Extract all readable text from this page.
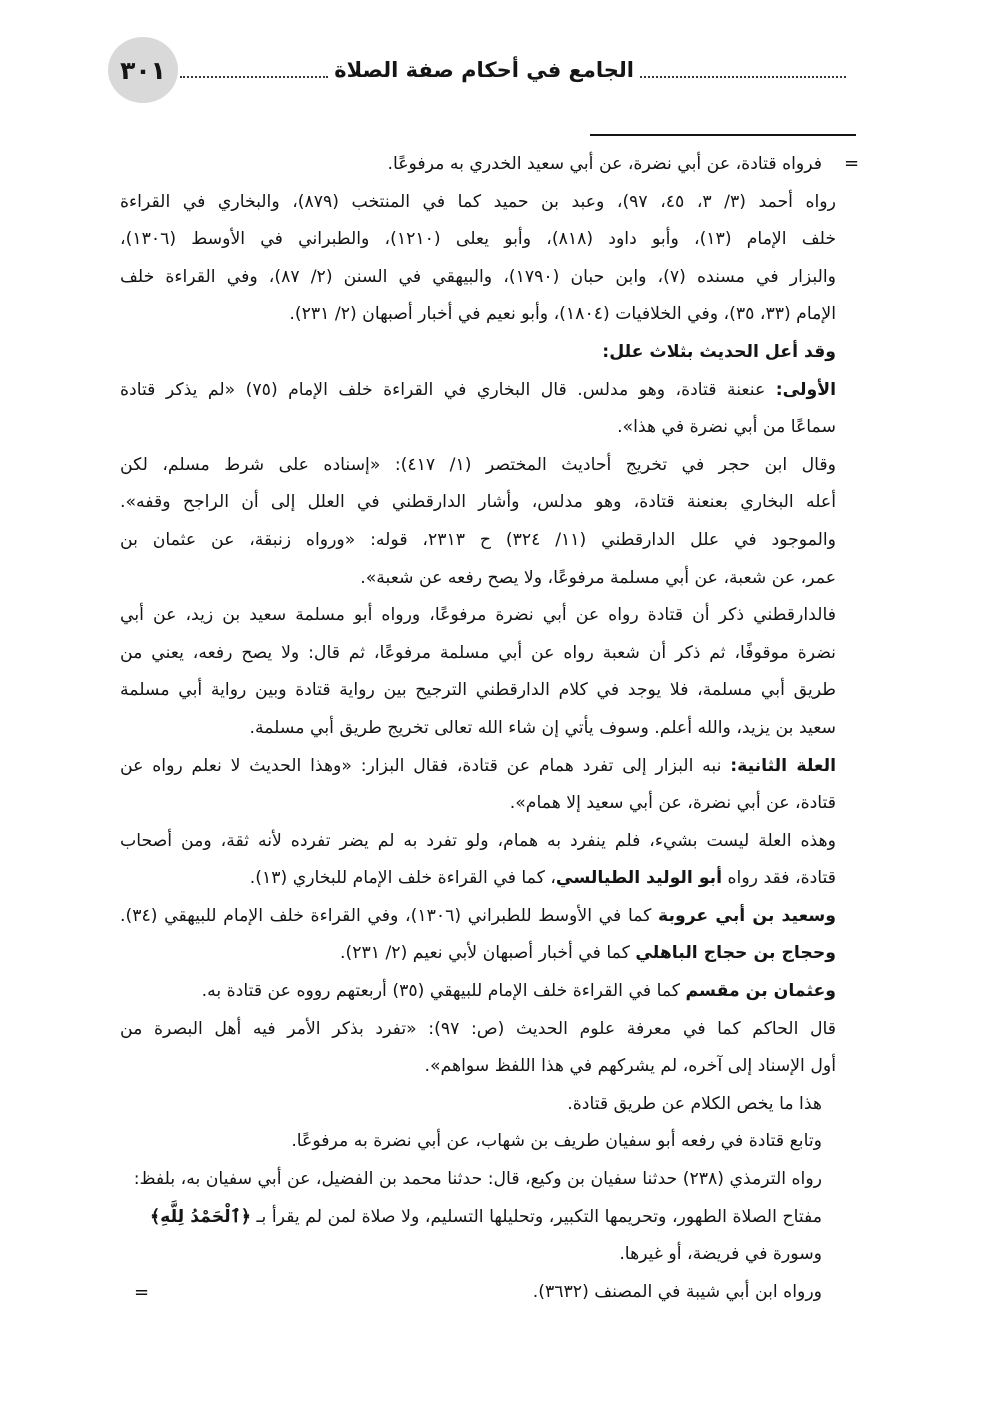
٣٠١	الجامع في أحكام صفة الصلاة
=
=
فرواه قتادة، عن أبي نضرة، عن أبي سعيد الخدري به مرفوعًا.
رواه أحمد (٣/ ٣، ٤٥، ٩٧)، وعبد بن حميد كما في المنتخب (٨٧٩)، والبخاري في القراءة
خلف الإمام (١٣)، وأبو داود (٨١٨)، وأبو يعلى (١٢١٠)، والطبراني في الأوسط (١٣٠٦)،
والبزار في مسنده (٧)، وابن حبان (١٧٩٠)، والبيهقي في السنن (٢/ ٨٧)، وفي القراءة خلف
الإمام (٣٣، ٣٥)، وفي الخلافيات (١٨٠٤)، وأبو نعيم في أخبار أصبهان (٢/ ٢٣١).
وقد أعل الحديث بثلاث علل:
الأولى: عنعنة قتادة، وهو مدلس. قال البخاري في القراءة خلف الإمام (٧٥) «لم يذكر قتادة
سماعًا من أبي نضرة في هذا».
وقال ابن حجر في تخريج أحاديث المختصر (١/ ٤١٧): «إسناده على شرط مسلم، لكن
أعله البخاري بعنعنة قتادة، وهو مدلس، وأشار الدارقطني في العلل إلى أن الراجح وقفه».
والموجود في علل الدارقطني (١١/ ٣٢٤) ح ٢٣١٣، قوله: «ورواه زنبقة، عن عثمان بن
عمر، عن شعبة، عن أبي مسلمة مرفوعًا، ولا يصح رفعه عن شعبة».
فالدارقطني ذكر أن قتادة رواه عن أبي نضرة مرفوعًا، ورواه أبو مسلمة سعيد بن زيد، عن أبي
نضرة موقوفًا، ثم ذكر أن شعبة رواه عن أبي مسلمة مرفوعًا، ثم قال: ولا يصح رفعه، يعني من
طريق أبي مسلمة، فلا يوجد في كلام الدارقطني الترجيح بين رواية قتادة وبين رواية أبي مسلمة
سعيد بن يزيد، والله أعلم. وسوف يأتي إن شاء الله تعالى تخريج طريق أبي مسلمة.
العلة الثانية: نبه البزار إلى تفرد همام عن قتادة، فقال البزار: «وهذا الحديث لا نعلم رواه عن
قتادة، عن أبي نضرة، عن أبي سعيد إلا همام».
وهذه العلة ليست بشيء، فلم ينفرد به همام، ولو تفرد به لم يضر تفرده لأنه ثقة، ومن أصحاب
قتادة، فقد رواه أبو الوليد الطيالسي، كما في القراءة خلف الإمام للبخاري (١٣).
وسعيد بن أبي عروبة كما في الأوسط للطبراني (١٣٠٦)، وفي القراءة خلف الإمام للبيهقي (٣٤).
وحجاج بن حجاج الباهلي كما في أخبار أصبهان لأبي نعيم (٢/ ٢٣١).
وعثمان بن مقسم كما في القراءة خلف الإمام للبيهقي (٣٥) أربعتهم رووه عن قتادة به.
قال الحاكم كما في معرفة علوم الحديث (ص: ٩٧): «تفرد بذكر الأمر فيه أهل البصرة من
أول الإسناد إلى آخره، لم يشركهم في هذا اللفظ سواهم».
هذا ما يخص الكلام عن طريق قتادة.
وتابع قتادة في رفعه أبو سفيان طريف بن شهاب، عن أبي نضرة به مرفوعًا.
رواه الترمذي (٢٣٨) حدثنا سفيان بن وكيع، قال: حدثنا محمد بن الفضيل، عن أبي سفيان به، بلفظ:
مفتاح الصلاة الطهور، وتحريمها التكبير، وتحليلها التسليم، ولا صلاة لمن لم يقرأ بـ ﴿ٱلْحَمْدُ لِلَّهِ﴾
وسورة في فريضة، أو غيرها.
ورواه ابن أبي شيبة في المصنف (٣٦٣٢).
